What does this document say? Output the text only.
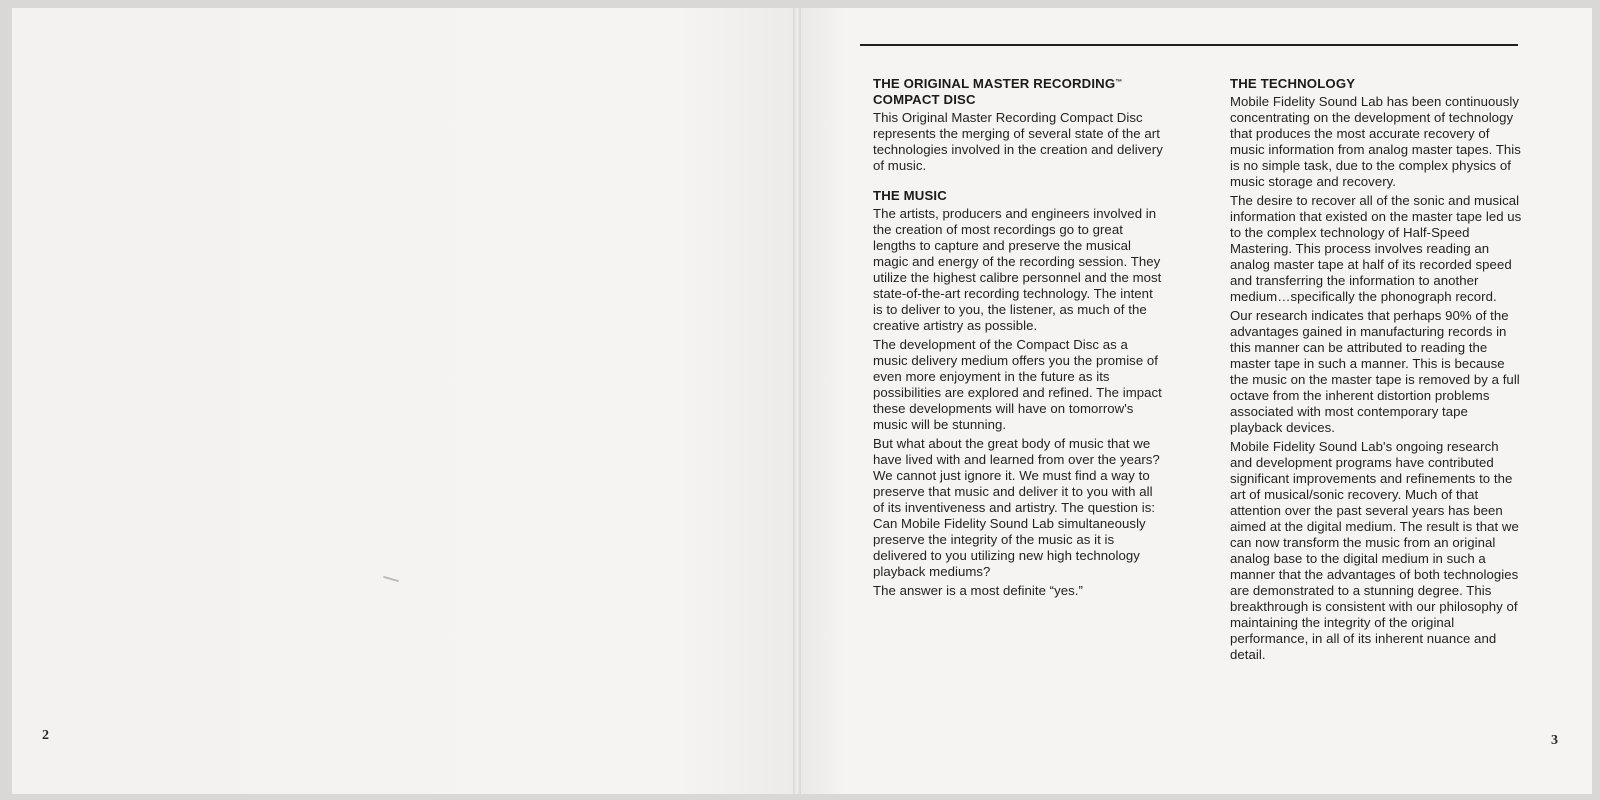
2	3

THE ORIGINAL MASTER RECORDING™
COMPACT DISC

This Original Master Recording Compact Disc represents the merging of several state of the art technologies involved in the creation and delivery of music.

THE MUSIC

The artists, producers and engineers involved in the creation of most recordings go to great lengths to capture and preserve the musical magic and energy of the recording session. They utilize the highest calibre personnel and the most state-of-the-art recording technology. The intent is to deliver to you, the listener, as much of the creative artistry as possible.

The development of the Compact Disc as a music delivery medium offers you the promise of even more enjoyment in the future as its possibilities are explored and refined. The impact these developments will have on tomorrow's music will be stunning.

But what about the great body of music that we have lived with and learned from over the years? We cannot just ignore it. We must find a way to preserve that music and deliver it to you with all of its inventiveness and artistry. The question is: Can Mobile Fidelity Sound Lab simultaneously preserve the integrity of the music as it is delivered to you utilizing new high technology playback mediums?

The answer is a most definite “yes.”

THE TECHNOLOGY

Mobile Fidelity Sound Lab has been continuously concentrating on the development of technology that produces the most accurate recovery of music information from analog master tapes. This is no simple task, due to the complex physics of music storage and recovery.

The desire to recover all of the sonic and musical information that existed on the master tape led us to the complex technology of Half-Speed Mastering. This process involves reading an analog master tape at half of its recorded speed and transferring the information to another medium…specifically the phonograph record.

Our research indicates that perhaps 90% of the advantages gained in manufacturing records in this manner can be attributed to reading the master tape in such a manner. This is because the music on the master tape is removed by a full octave from the inherent distortion problems associated with most contemporary tape playback devices.

Mobile Fidelity Sound Lab's ongoing research and development programs have contributed significant improvements and refinements to the art of musical/sonic recovery. Much of that attention over the past several years has been aimed at the digital medium. The result is that we can now transform the music from an original analog base to the digital medium in such a manner that the advantages of both technologies are demonstrated to a stunning degree. This breakthrough is consistent with our philosophy of maintaining the integrity of the original performance, in all of its inherent nuance and detail.
